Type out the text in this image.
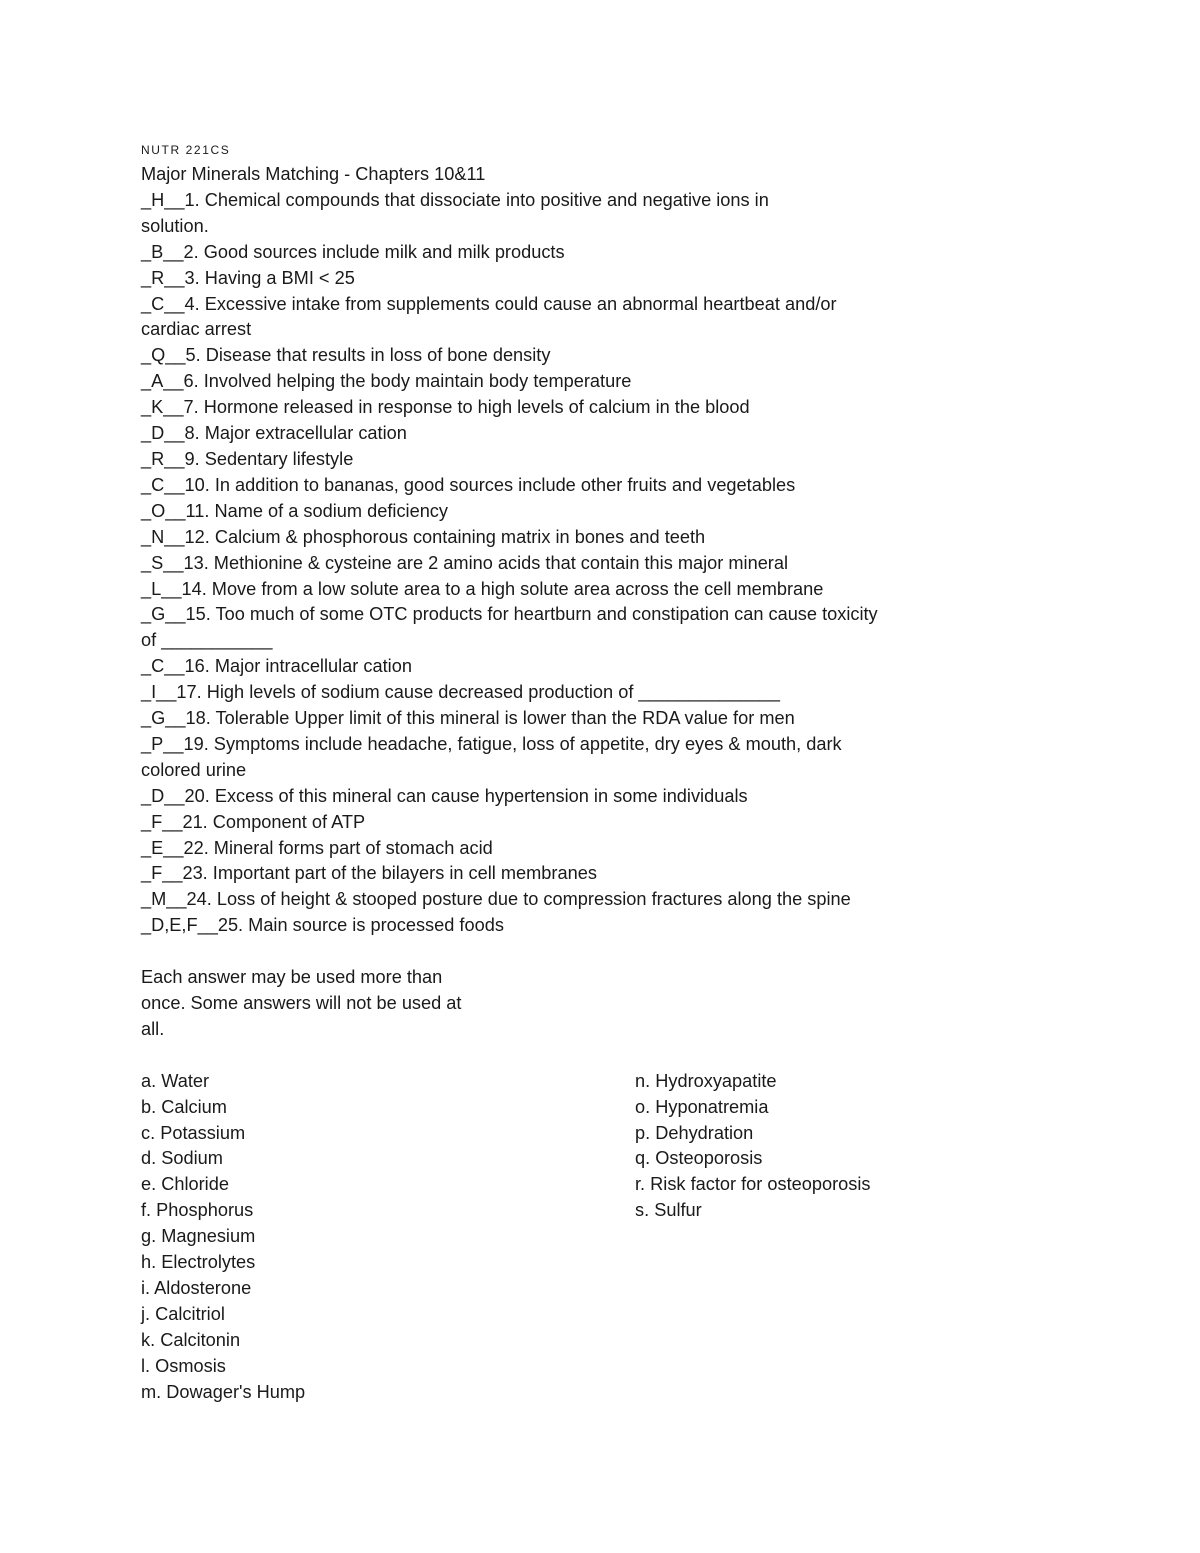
NUTR 221CS
Major Minerals Matching - Chapters 10&11
_H__1. Chemical compounds that dissociate into positive and negative ions in
solution.
_B__2. Good sources include milk and milk products
_R__3. Having a BMI < 25
_C__4. Excessive intake from supplements could cause an abnormal heartbeat and/or
cardiac arrest
_Q__5. Disease that results in loss of bone density
_A__6. Involved helping the body maintain body temperature
_K__7. Hormone released in response to high levels of calcium in the blood
_D__8. Major extracellular cation
_R__9. Sedentary lifestyle
_C__10. In addition to bananas, good sources include other fruits and vegetables
_O__11. Name of a sodium deficiency
_N__12. Calcium & phosphorous containing matrix in bones and teeth
_S__13. Methionine & cysteine are 2 amino acids that contain this major mineral
_L__14. Move from a low solute area to a high solute area across the cell membrane
_G__15. Too much of some OTC products for heartburn and constipation can cause toxicity
of ___________
_C__16. Major intracellular cation
_I__17. High levels of sodium cause decreased production of ______________
_G__18. Tolerable Upper limit of this mineral is lower than the RDA value for men
_P__19. Symptoms include headache, fatigue, loss of appetite, dry eyes & mouth, dark
colored urine
_D__20. Excess of this mineral can cause hypertension in some individuals
_F__21. Component of ATP
_E__22. Mineral forms part of stomach acid
_F__23. Important part of the bilayers in cell membranes
_M__24. Loss of height & stooped posture due to compression fractures along the spine
_D,E,F__25. Main source is processed foods
Each answer may be used more than
once. Some answers will not be used at
all.
a. Water
b. Calcium
c. Potassium
d. Sodium
e. Chloride
f. Phosphorus
g. Magnesium
h. Electrolytes
i. Aldosterone
j. Calcitriol
k. Calcitonin
l. Osmosis
m. Dowager's Hump
n. Hydroxyapatite
o. Hyponatremia
p. Dehydration
q. Osteoporosis
r. Risk factor for osteoporosis
s. Sulfur
